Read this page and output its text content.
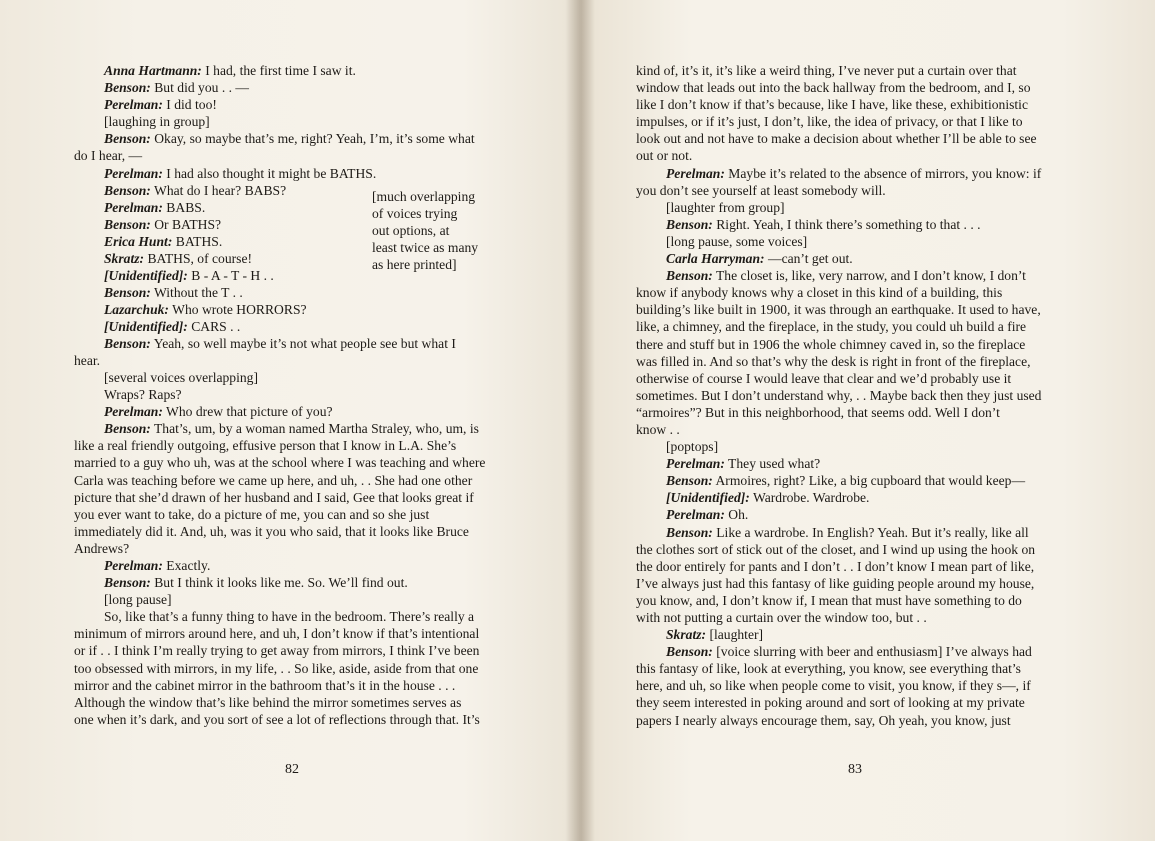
Anna Hartmann: I had, the first time I saw it.
Benson: But did you . . —
Perelman: I did too!
[laughing in group]
Benson: Okay, so maybe that’s me, right? Yeah, I’m, it’s some what
do I hear, —
Perelman: I had also thought it might be BATHS.
Benson: What do I hear? BABS?
Perelman: BABS.
Benson: Or BATHS?
Erica Hunt: BATHS.
Skratz: BATHS, of course!
[Unidentified]: B - A - T - H . .
Benson: Without the T . .
Lazarchuk: Who wrote HORRORS?
[much overlapping
of voices trying
out options, at
least twice as many
as here printed]
[Unidentified]: CARS . .
Benson: Yeah, so well maybe it’s not what people see but what I
hear.
[several voices overlapping]
Wraps? Raps?
Perelman: Who drew that picture of you?
Benson: That’s, um, by a woman named Martha Straley, who, um, is
like a real friendly outgoing, effusive person that I know in L.A. She’s
married to a guy who uh, was at the school where I was teaching and where
Carla was teaching before we came up here, and uh, . . She had one other
picture that she’d drawn of her husband and I said, Gee that looks great if
you ever want to take, do a picture of me, you can and so she just
immediately did it. And, uh, was it you who said, that it looks like Bruce
Andrews?
Perelman: Exactly.
Benson: But I think it looks like me. So. We’ll find out.
[long pause]
So, like that’s a funny thing to have in the bedroom. There’s really a
minimum of mirrors around here, and uh, I don’t know if that’s intentional
or if . . I think I’m really trying to get away from mirrors, I think I’ve been
too obsessed with mirrors, in my life, . . So like, aside, aside from that one
mirror and the cabinet mirror in the bathroom that’s it in the house . . .
Although the window that’s like behind the mirror sometimes serves as
one when it’s dark, and you sort of see a lot of reflections through that. It’s
82
kind of, it’s it, it’s like a weird thing, I’ve never put a curtain over that
window that leads out into the back hallway from the bedroom, and I, so
like I don’t know if that’s because, like I have, like these, exhibitionistic
impulses, or if it’s just, I don’t, like, the idea of privacy, or that I like to
look out and not have to make a decision about whether I’ll be able to see
out or not.
Perelman: Maybe it’s related to the absence of mirrors, you know: if
you don’t see yourself at least somebody will.
[laughter from group]
Benson: Right. Yeah, I think there’s something to that . . .
[long pause, some voices]
Carla Harryman: —can’t get out.
Benson: The closet is, like, very narrow, and I don’t know, I don’t
know if anybody knows why a closet in this kind of a building, this
building’s like built in 1900, it was through an earthquake. It used to have,
like, a chimney, and the fireplace, in the study, you could uh build a fire
there and stuff but in 1906 the whole chimney caved in, so the fireplace
was filled in. And so that’s why the desk is right in front of the fireplace,
otherwise of course I would leave that clear and we’d probably use it
sometimes. But I don’t understand why, . . Maybe back then they just used
“armoires”? But in this neighborhood, that seems odd. Well I don’t
know . .
[poptops]
Perelman: They used what?
Benson: Armoires, right? Like, a big cupboard that would keep—
[Unidentified]: Wardrobe. Wardrobe.
Perelman: Oh.
Benson: Like a wardrobe. In English? Yeah. But it’s really, like all
the clothes sort of stick out of the closet, and I wind up using the hook on
the door entirely for pants and I don’t . . I don’t know I mean part of like,
I’ve always just had this fantasy of like guiding people around my house,
you know, and, I don’t know if, I mean that must have something to do
with not putting a curtain over the window too, but . .
Skratz: [laughter]
Benson: [voice slurring with beer and enthusiasm] I’ve always had
this fantasy of like, look at everything, you know, see everything that’s
here, and uh, so like when people come to visit, you know, if they s—, if
they seem interested in poking around and sort of looking at my private
papers I nearly always encourage them, say, Oh yeah, you know, just
83
